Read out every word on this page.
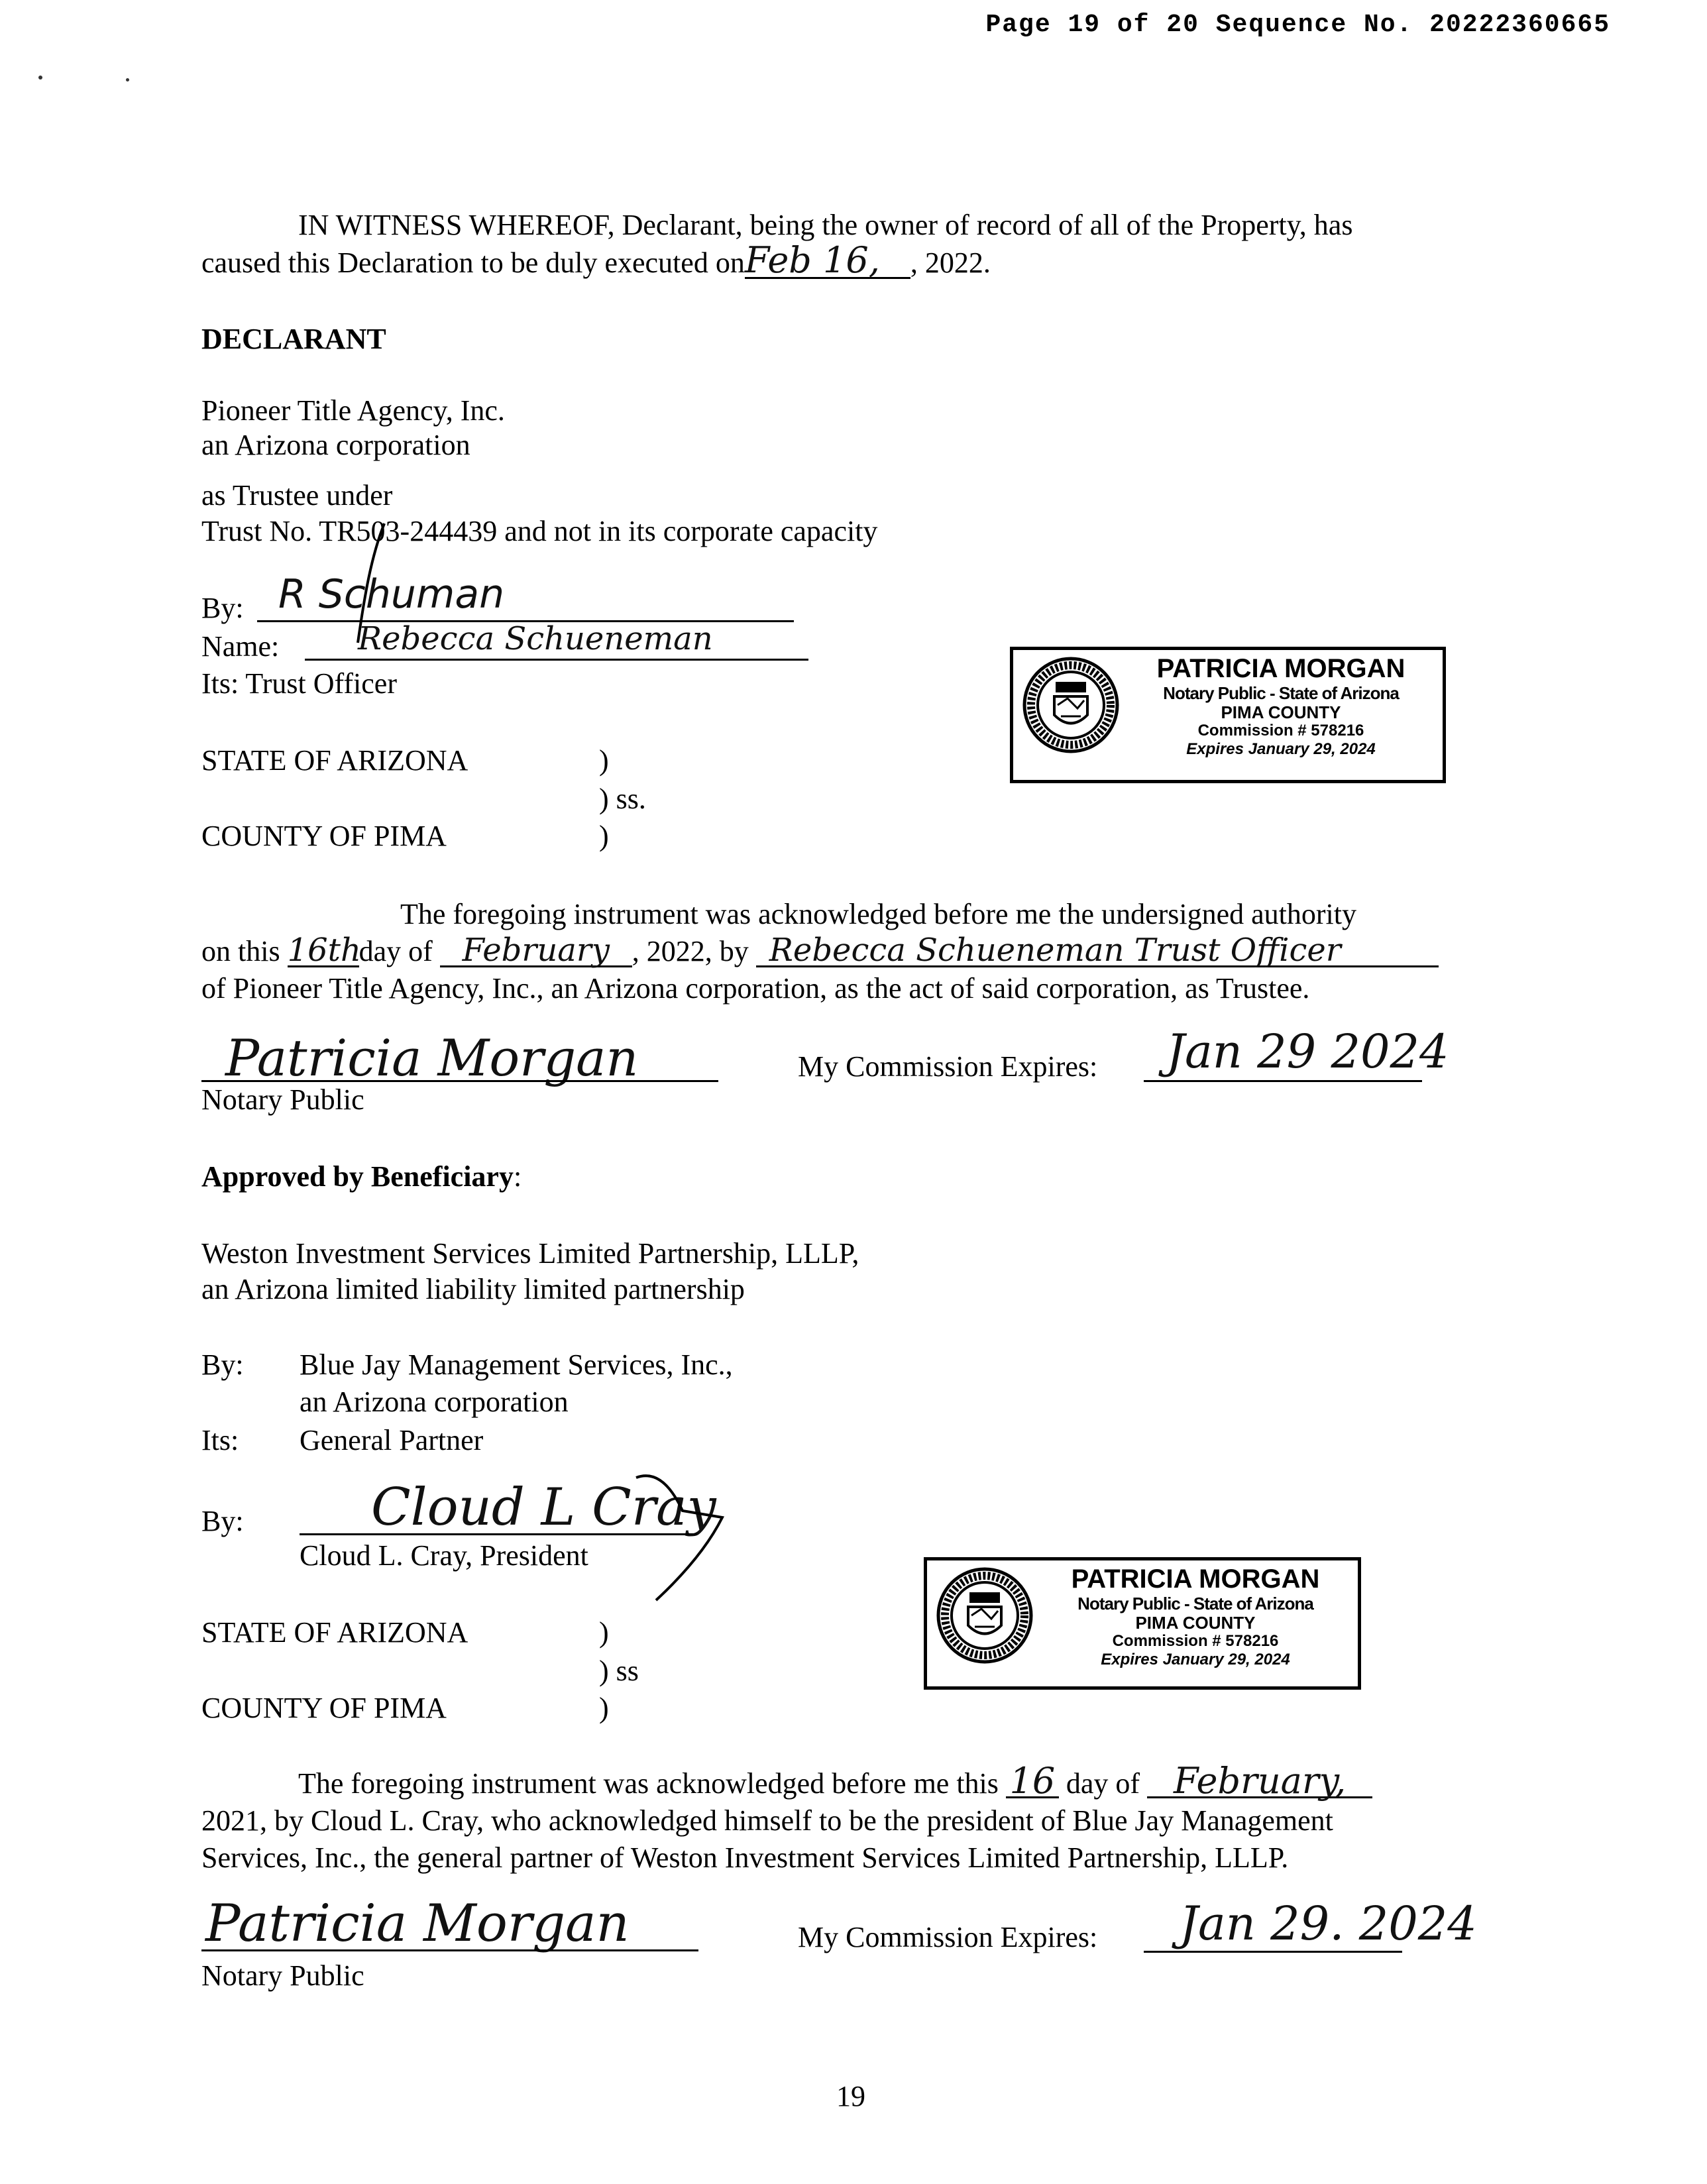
Page 19 of 20 Sequence No. 20222360665
IN WITNESS WHEREOF, Declarant, being the owner of record of all of the Property, has
caused this Declaration to be duly executed onFeb 16, , 2022.
DECLARANT
Pioneer Title Agency, Inc.
an Arizona corporation
as Trustee under
Trust No. TR503-244439 and not in its corporate capacity
By: R Schuman
Name: Rebecca Schueneman
Its: Trust Officer
STATE OF ARIZONA	)
) ss.
COUNTY OF PIMA	)
PATRICIA MORGAN
Notary Public - State of Arizona
PIMA COUNTY
Commission # 578216
Expires January 29, 2024
The foregoing instrument was acknowledged before me the undersigned authority
on this 16thday of February , 2022, by Rebecca Schueneman Trust Officer
of Pioneer Title Agency, Inc., an Arizona corporation, as the act of said corporation, as Trustee.
Patricia Morgan
Notary Public
My Commission Expires: Jan 29 2024
Approved by Beneficiary:
Weston Investment Services Limited Partnership, LLLP,
an Arizona limited liability limited partnership
By: Blue Jay Management Services, Inc.,
an Arizona corporation
Its: General Partner
By: Cloud L Cray
Cloud L. Cray, President
STATE OF ARIZONA	)
) ss
COUNTY OF PIMA	)
PATRICIA MORGAN
Notary Public - State of Arizona
PIMA COUNTY
Commission # 578216
Expires January 29, 2024
The foregoing instrument was acknowledged before me this 16 day of February,
2021, by Cloud L. Cray, who acknowledged himself to be the president of Blue Jay Management
Services, Inc., the general partner of Weston Investment Services Limited Partnership, LLLP.
Patricia Morgan
Notary Public
My Commission Expires: Jan 29. 2024
19
